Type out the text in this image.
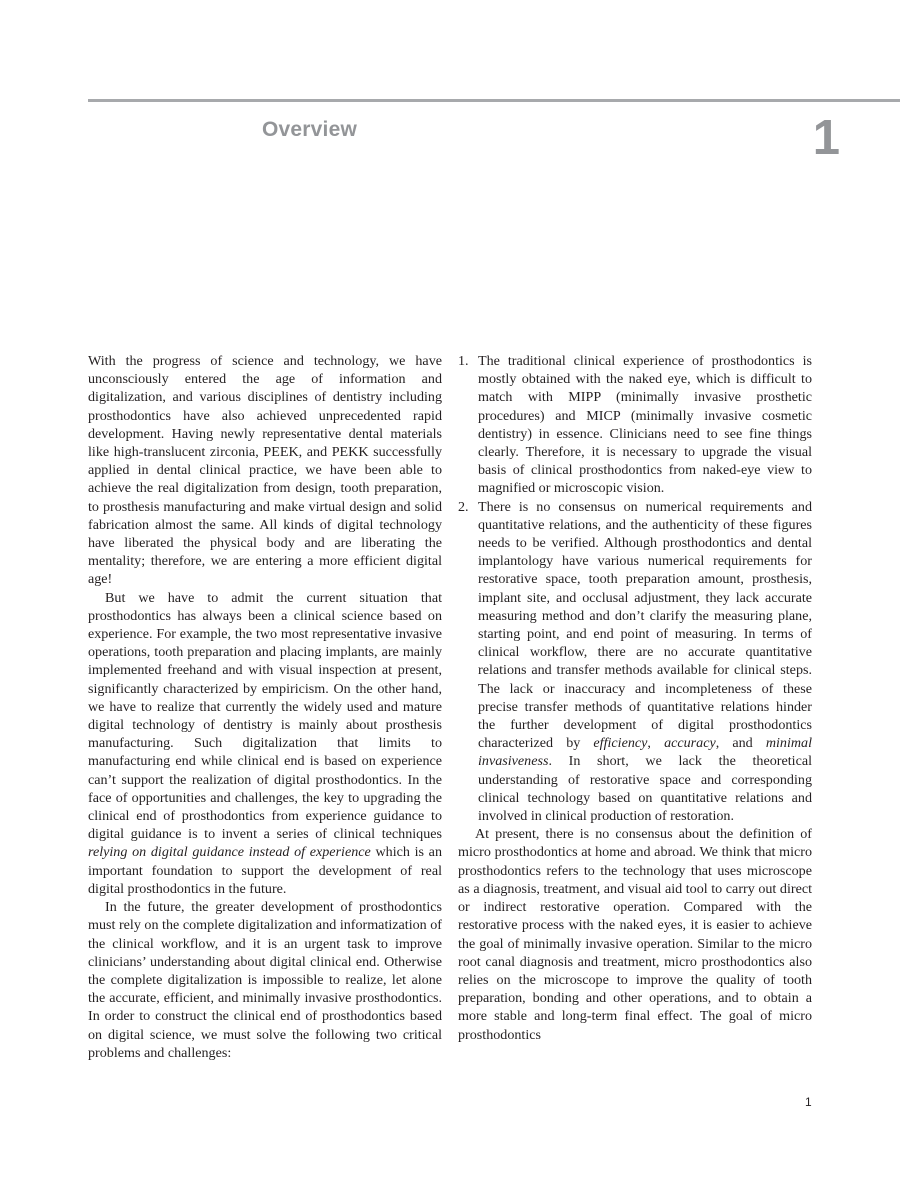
Overview	1

With the progress of science and technology, we have unconsciously entered the age of information and digitalization, and various disciplines of dentistry including prosthodontics have also achieved unprecedented rapid development. Having newly representative dental materials like high-translucent zirconia, PEEK, and PEKK successfully applied in dental clinical practice, we have been able to achieve the real digitalization from design, tooth preparation, to prosthesis manufacturing and make virtual design and solid fabrication almost the same. All kinds of digital technology have liberated the physical body and are liberating the mentality; therefore, we are entering a more efficient digital age!

But we have to admit the current situation that prosthodontics has always been a clinical science based on experience. For example, the two most representative invasive operations, tooth preparation and placing implants, are mainly implemented freehand and with visual inspection at present, significantly characterized by empiricism. On the other hand, we have to realize that currently the widely used and mature digital technology of dentistry is mainly about prosthesis manufacturing. Such digitalization that limits to manufacturing end while clinical end is based on experience can’t support the realization of digital prosthodontics. In the face of opportunities and challenges, the key to upgrading the clinical end of prosthodontics from experience guidance to digital guidance is to invent a series of clinical techniques relying on digital guidance instead of experience which is an important foundation to support the development of real digital prosthodontics in the future.

In the future, the greater development of prosthodontics must rely on the complete digitalization and informatization of the clinical workflow, and it is an urgent task to improve clinicians’ understanding about digital clinical end. Otherwise the complete digitalization is impossible to realize, let alone the accurate, efficient, and minimally invasive prosthodontics. In order to construct the clinical end of prosthodontics based on digital science, we must solve the following two critical problems and challenges:

1. The traditional clinical experience of prosthodontics is mostly obtained with the naked eye, which is difficult to match with MIPP (minimally invasive prosthetic procedures) and MICP (minimally invasive cosmetic dentistry) in essence. Clinicians need to see fine things clearly. Therefore, it is necessary to upgrade the visual basis of clinical prosthodontics from naked-eye view to magnified or microscopic vision.
2. There is no consensus on numerical requirements and quantitative relations, and the authenticity of these figures needs to be verified. Although prosthodontics and dental implantology have various numerical requirements for restorative space, tooth preparation amount, prosthesis, implant site, and occlusal adjustment, they lack accurate measuring method and don’t clarify the measuring plane, starting point, and end point of measuring. In terms of clinical workflow, there are no accurate quantitative relations and transfer methods available for clinical steps. The lack or inaccuracy and incompleteness of these precise transfer methods of quantitative relations hinder the further development of digital prosthodontics characterized by efficiency, accuracy, and minimal invasiveness. In short, we lack the theoretical understanding of restorative space and corresponding clinical technology based on quantitative relations and involved in clinical production of restoration.

At present, there is no consensus about the definition of micro prosthodontics at home and abroad. We think that micro prosthodontics refers to the technology that uses microscope as a diagnosis, treatment, and visual aid tool to carry out direct or indirect restorative operation. Compared with the restorative process with the naked eyes, it is easier to achieve the goal of minimally invasive operation. Similar to the micro root canal diagnosis and treatment, micro prosthodontics also relies on the microscope to improve the quality of tooth preparation, bonding and other operations, and to obtain a more stable and long-term final effect. The goal of micro prosthodontics

1
